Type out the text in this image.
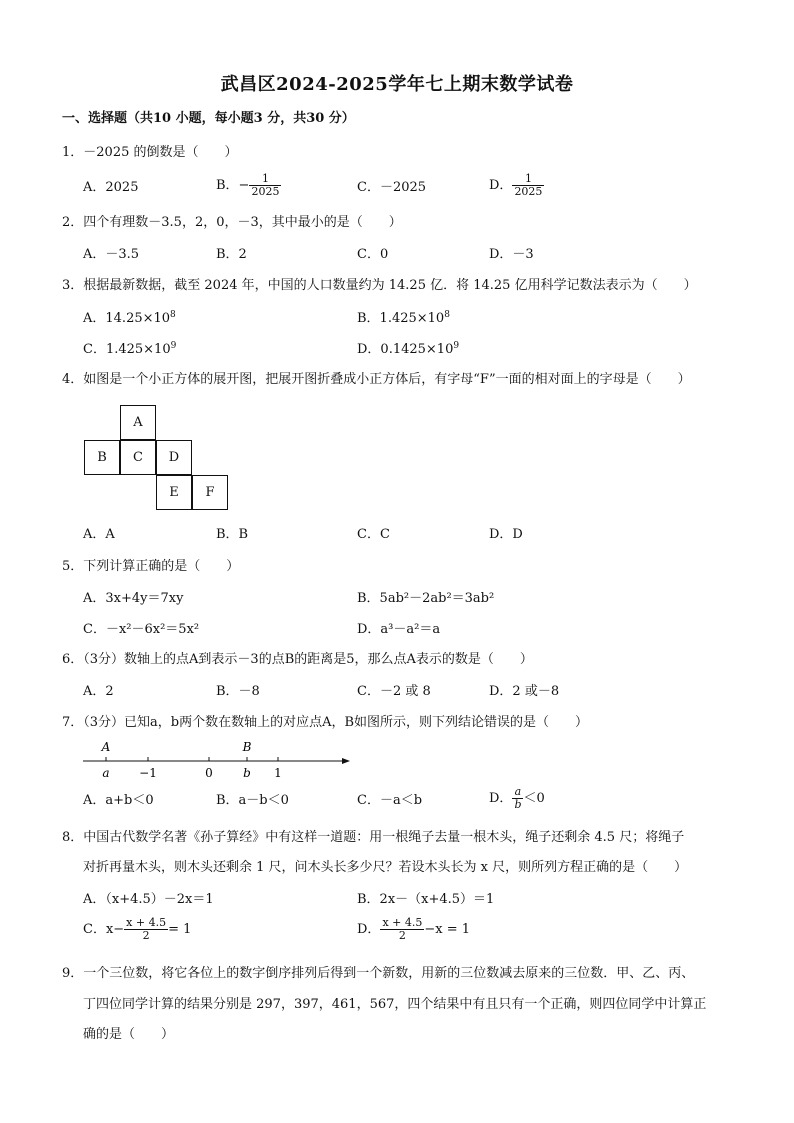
武昌区2024-2025学年七上期末数学试卷
一、选择题（共10 小题，每小题3 分，共30 分）
1．－2025 的倒数是（　　）
A．2025	B．− $\frac{1}{2025}$	C．－2025	D． $\frac{1}{2025}$
2．四个有理数－3.5，2，0，－3，其中最小的是（　　）
A．－3.5	B．2	C．0	D．－3
3．根据最新数据，截至 2024 年，中国的人口数量约为 14.25 亿．将 14.25 亿用科学记数法表示为（　　）
A．$14.25\times 10^8$	B．$1.425\times 10^8$
C．$1.425\times 10^9$	D．$0.1425\times 10^9$
4．如图是一个小正方体的展开图，把展开图折叠成小正方体后，有字母“F”一面的相对面上的字母是（　　）
A
B	C	D
E	F
A．A	B．B	C．C	D．D
5．下列计算正确的是（　　）
A．3x+4y＝7xy	B．5ab²－2ab²＝3ab²
C．－x²－6x²＝5x²	D．a³－a²＝a
6．（3分）数轴上的点A到表示－3的点B的距离是5，那么点A表示的数是（　　）
A．2	B．－8	C．－2 或 8	D．2 或－8
7．（3分）已知a，b两个数在数轴上的对应点A，B如图所示，则下列结论错误的是（　　）
A	B
a −1	0	b 1
A．a+b＜0	B．a－b＜0	C．－a＜b	D． $\frac{a}{b} <0$
8．中国古代数学名著《孙子算经》中有这样一道题：用一根绳子去量一根木头，绳子还剩余 4.5 尺；将绳子
对折再量木头，则木头还剩余 1 尺，问木头长多少尺？若设木头长为 x 尺，则所列方程正确的是（　　）
A．（x+4.5）－2x＝1	B．2x－（x+4.5）＝1
C．$x- \frac{x + 4.5}{2} = 1$	D． $\frac{x + 4.5}{2} -x = 1$
9．一个三位数，将它各位上的数字倒序排列后得到一个新数，用新的三位数减去原来的三位数．甲、乙、丙、
丁四位同学计算的结果分别是 297，397，461，567，四个结果中有且只有一个正确，则四位同学中计算正
确的是（　　）
